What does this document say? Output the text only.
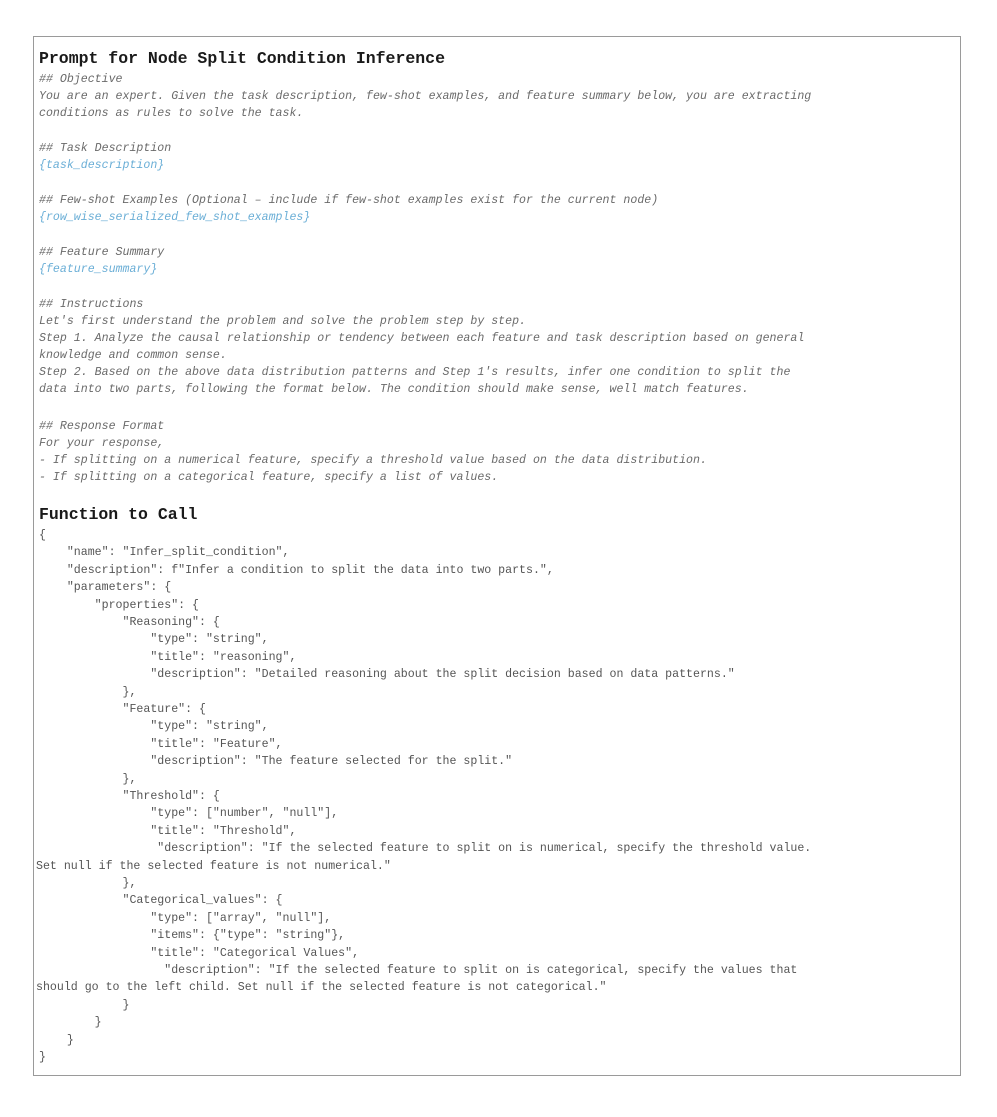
Prompt for Node Split Condition Inference
## Objective
You are an expert. Given the task description, few-shot examples, and feature summary below, you are extracting
conditions as rules to solve the task.
## Task Description
{task_description}
## Few-shot Examples (Optional – include if few-shot examples exist for the current node)
{row_wise_serialized_few_shot_examples}
## Feature Summary
{feature_summary}
## Instructions
Let's first understand the problem and solve the problem step by step.
Step 1. Analyze the causal relationship or tendency between each feature and task description based on general
knowledge and common sense.
Step 2. Based on the above data distribution patterns and Step 1's results, infer one condition to split the
data into two parts, following the format below. The condition should make sense, well match features.
## Response Format
For your response,
- If splitting on a numerical feature, specify a threshold value based on the data distribution.
- If splitting on a categorical feature, specify a list of values.
Function to Call
{
"name": "Infer_split_condition",
"description": f"Infer a condition to split the data into two parts.",
"parameters": {
"properties": {
"Reasoning": {
"type": "string",
"title": "reasoning",
"description": "Detailed reasoning about the split decision based on data patterns."
},
"Feature": {
"type": "string",
"title": "Feature",
"description": "The feature selected for the split."
},
"Threshold": {
"type": ["number", "null"],
"title": "Threshold",
"description": "If the selected feature to split on is numerical, specify the threshold value.
Set null if the selected feature is not numerical."
},
"Categorical_values": {
"type": ["array", "null"],
"items": {"type": "string"},
"title": "Categorical Values",
"description": "If the selected feature to split on is categorical, specify the values that
should go to the left child. Set null if the selected feature is not categorical."
}
}
}
}
